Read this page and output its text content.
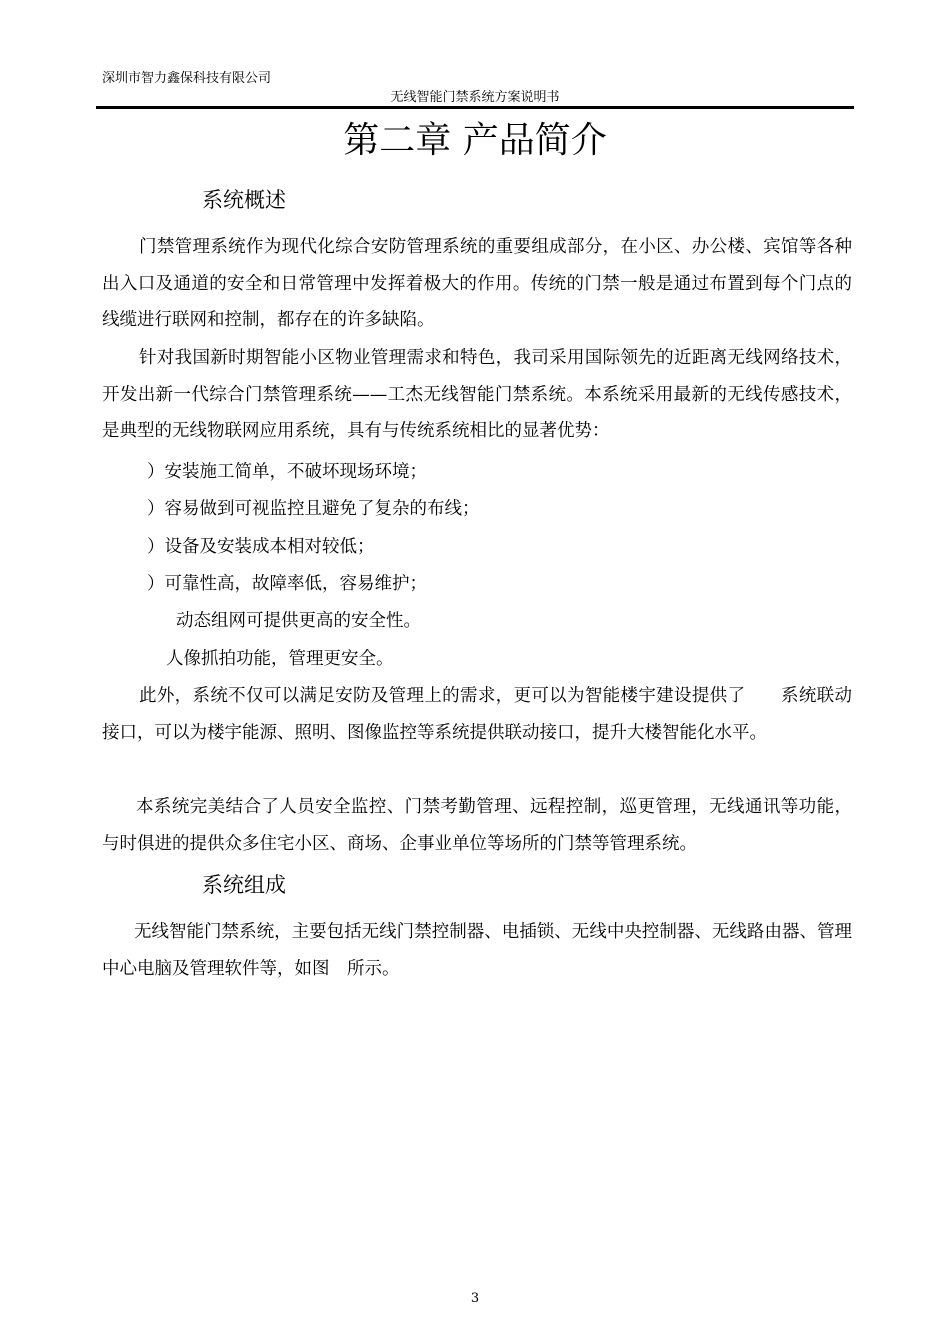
深圳市智力鑫保科技有限公司
无线智能门禁系统方案说明书
第二章 产品简介
系统概述

门禁管理系统作为现代化综合安防管理系统的重要组成部分，在小区、办公楼、宾馆等各种出入口及通道的安全和日常管理中发挥着极大的作用。传统的门禁一般是通过布置到每个门点的线缆进行联网和控制，都存在的许多缺陷。

针对我国新时期智能小区物业管理需求和特色，我司采用国际领先的近距离无线网络技术，开发出新一代综合门禁管理系统——工杰无线智能门禁系统。本系统采用最新的无线传感技术，是典型的无线物联网应用系统，具有与传统系统相比的显著优势：

）安装施工简单，不破坏现场环境；
）容易做到可视监控且避免了复杂的布线；
）设备及安装成本相对较低；
）可靠性高，故障率低，容易维护；
动态组网可提供更高的安全性。
人像抓拍功能，管理更安全。

此外，系统不仅可以满足安防及管理上的需求，更可以为智能楼宇建设提供了　　系统联动接口，可以为楼宇能源、照明、图像监控等系统提供联动接口，提升大楼智能化水平。

本系统完美结合了人员安全监控、门禁考勤管理、远程控制，巡更管理，无线通讯等功能，与时俱进的提供众多住宅小区、商场、企事业单位等场所的门禁等管理系统。

系统组成

无线智能门禁系统，主要包括无线门禁控制器、电插锁、无线中央控制器、无线路由器、管理中心电脑及管理软件等，如图　所示。

3
